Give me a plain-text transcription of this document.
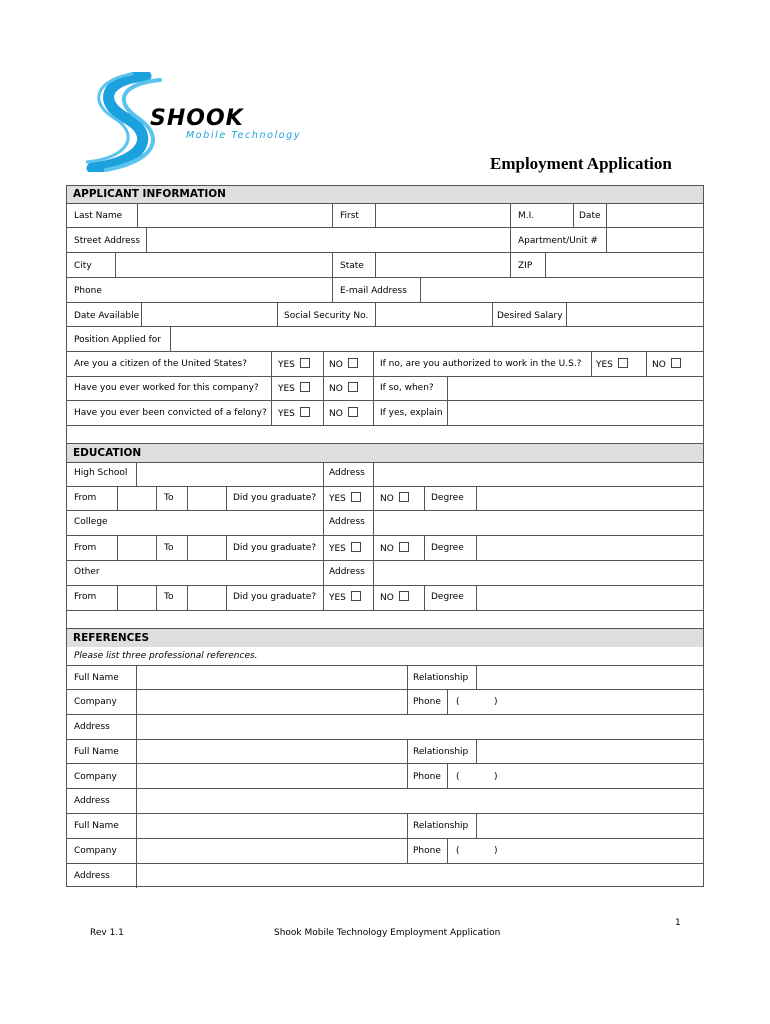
SHOOK
Mobile Technology
Employment Application
APPLICANT INFORMATION
Last Name	First	M.I.	Date
Street Address	Apartment/Unit #
City	State	ZIP
Phone	E-mail Address
Date Available	Social Security No.	Desired Salary
Position Applied for
Are you a citizen of the United States?	YES	NO	If no, are you authorized to work in the U.S.? YES	NO
Have you ever worked for this company? YES	NO	If so, when?
Have you ever been convicted of a felony? YES	NO	If yes, explain
EDUCATION
High School	Address
From	To	Did you graduate? YES	NO	Degree
College	Address
From	To	Did you graduate? YES	NO	Degree
Other	Address
From	To	Did you graduate? YES	NO	Degree
REFERENCES
Please list three professional references.
Full Name	Relationship
Company	Phone (	)
Address
Full Name	Relationship
Company	Phone (	)
Address
Full Name	Relationship
Company	Phone (	)
Address
1
Rev 1.1	Shook Mobile Technology Employment Application
